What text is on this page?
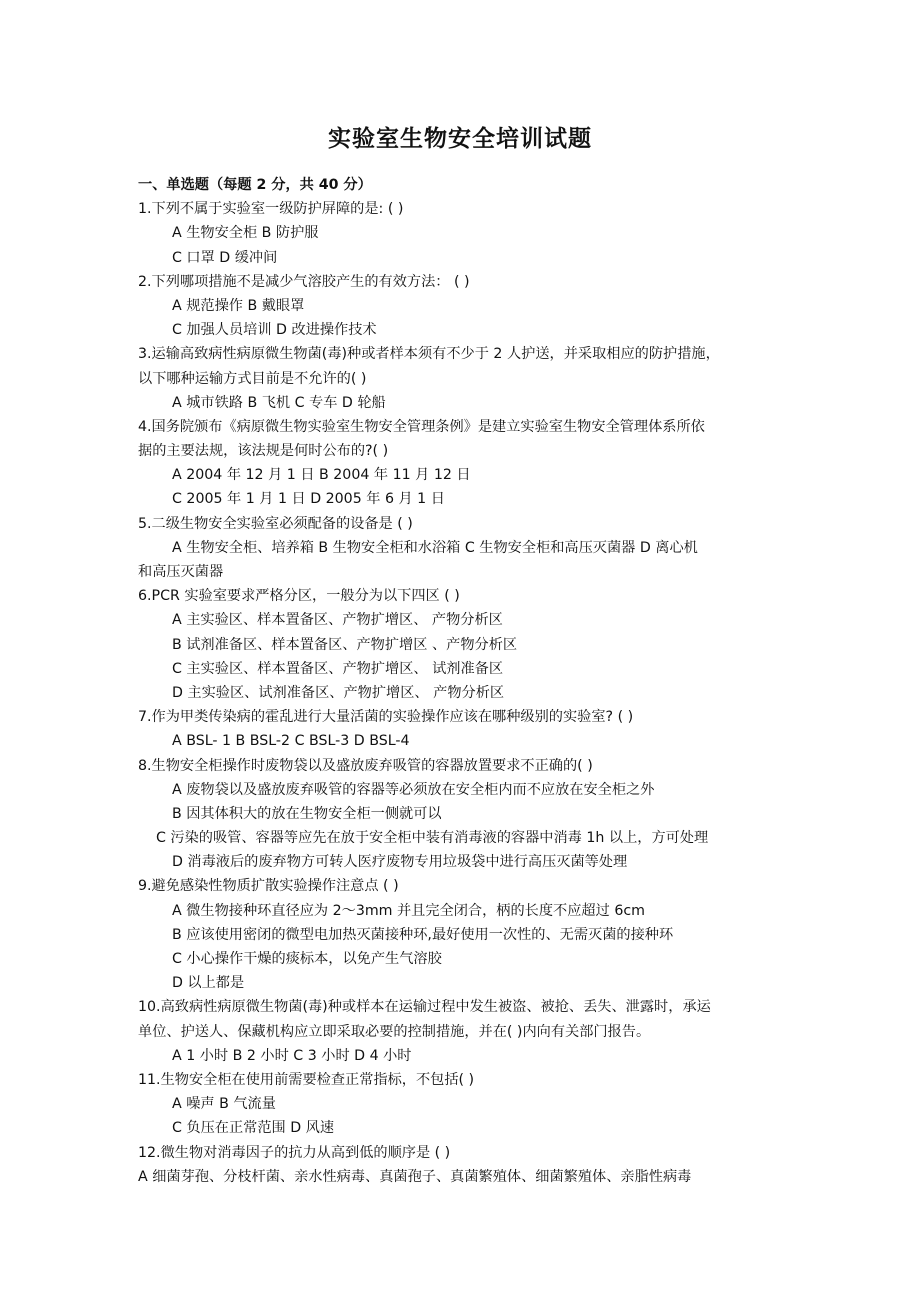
实验室生物安全培训试题
一、单选题（每题 2 分，共 40 分）
1.下列不属于实验室一级防护屏障的是: ( )
A 生物安全柜 B 防护服
C 口罩 D 缓冲间
2.下列哪项措施不是减少气溶胶产生的有效方法： ( )
A 规范操作 B 戴眼罩
C 加强人员培训 D 改进操作技术
3.运输高致病性病原微生物菌(毒)种或者样本须有不少于 2 人护送，并采取相应的防护措施，
以下哪种运输方式目前是不允许的( )
A 城市铁路 B 飞机 C 专车 D 轮船
4.国务院颁布《病原微生物实验室生物安全管理条例》是建立实验室生物安全管理体系所依
据的主要法规，该法规是何时公布的?( )
A 2004 年 12 月 1 日 B 2004 年 11 月 12 日
C 2005 年 1 月 1 日 D 2005 年 6 月 1 日
5.二级生物安全实验室必须配备的设备是 ( )
A 生物安全柜、培养箱 B 生物安全柜和水浴箱 C 生物安全柜和高压灭菌器 D 离心机
和高压灭菌器
6.PCR 实验室要求严格分区，一般分为以下四区 ( )
A 主实验区、样本置备区、产物扩增区、 产物分析区
B 试剂准备区、样本置备区、产物扩增区 、产物分析区
C 主实验区、样本置备区、产物扩增区、 试剂准备区
D 主实验区、试剂准备区、产物扩增区、 产物分析区
7.作为甲类传染病的霍乱进行大量活菌的实验操作应该在哪种级别的实验室? ( )
A BSL- 1 B BSL-2 C BSL-3 D BSL-4
8.生物安全柜操作时废物袋以及盛放废弃吸管的容器放置要求不正确的( )
A 废物袋以及盛放废弃吸管的容器等必须放在安全柜内而不应放在安全柜之外
B 因其体积大的放在生物安全柜一侧就可以
C 污染的吸管、容器等应先在放于安全柜中装有消毒液的容器中消毒 1h 以上，方可处理
D 消毒液后的废弃物方可转人医疗废物专用垃圾袋中进行高压灭菌等处理
9.避免感染性物质扩散实验操作注意点 ( )
A 微生物接种环直径应为 2～3mm 并且完全闭合，柄的长度不应超过 6cm
B 应该使用密闭的微型电加热灭菌接种环,最好使用一次性的、无需灭菌的接种环
C 小心操作干燥的痰标本，以免产生气溶胶
D 以上都是
10.高致病性病原微生物菌(毒)种或样本在运输过程中发生被盗、被抢、丢失、泄露时，承运
单位、护送人、保藏机构应立即采取必要的控制措施，并在( )内向有关部门报告。
A 1 小时 B 2 小时 C 3 小时 D 4 小时
11.生物安全柜在使用前需要检查正常指标，不包括( )
A 噪声 B 气流量
C 负压在正常范围 D 风速
12.微生物对消毒因子的抗力从高到低的顺序是 ( )
A 细菌芽孢、分枝杆菌、亲水性病毒、真菌孢子、真菌繁殖体、细菌繁殖体、亲脂性病毒
